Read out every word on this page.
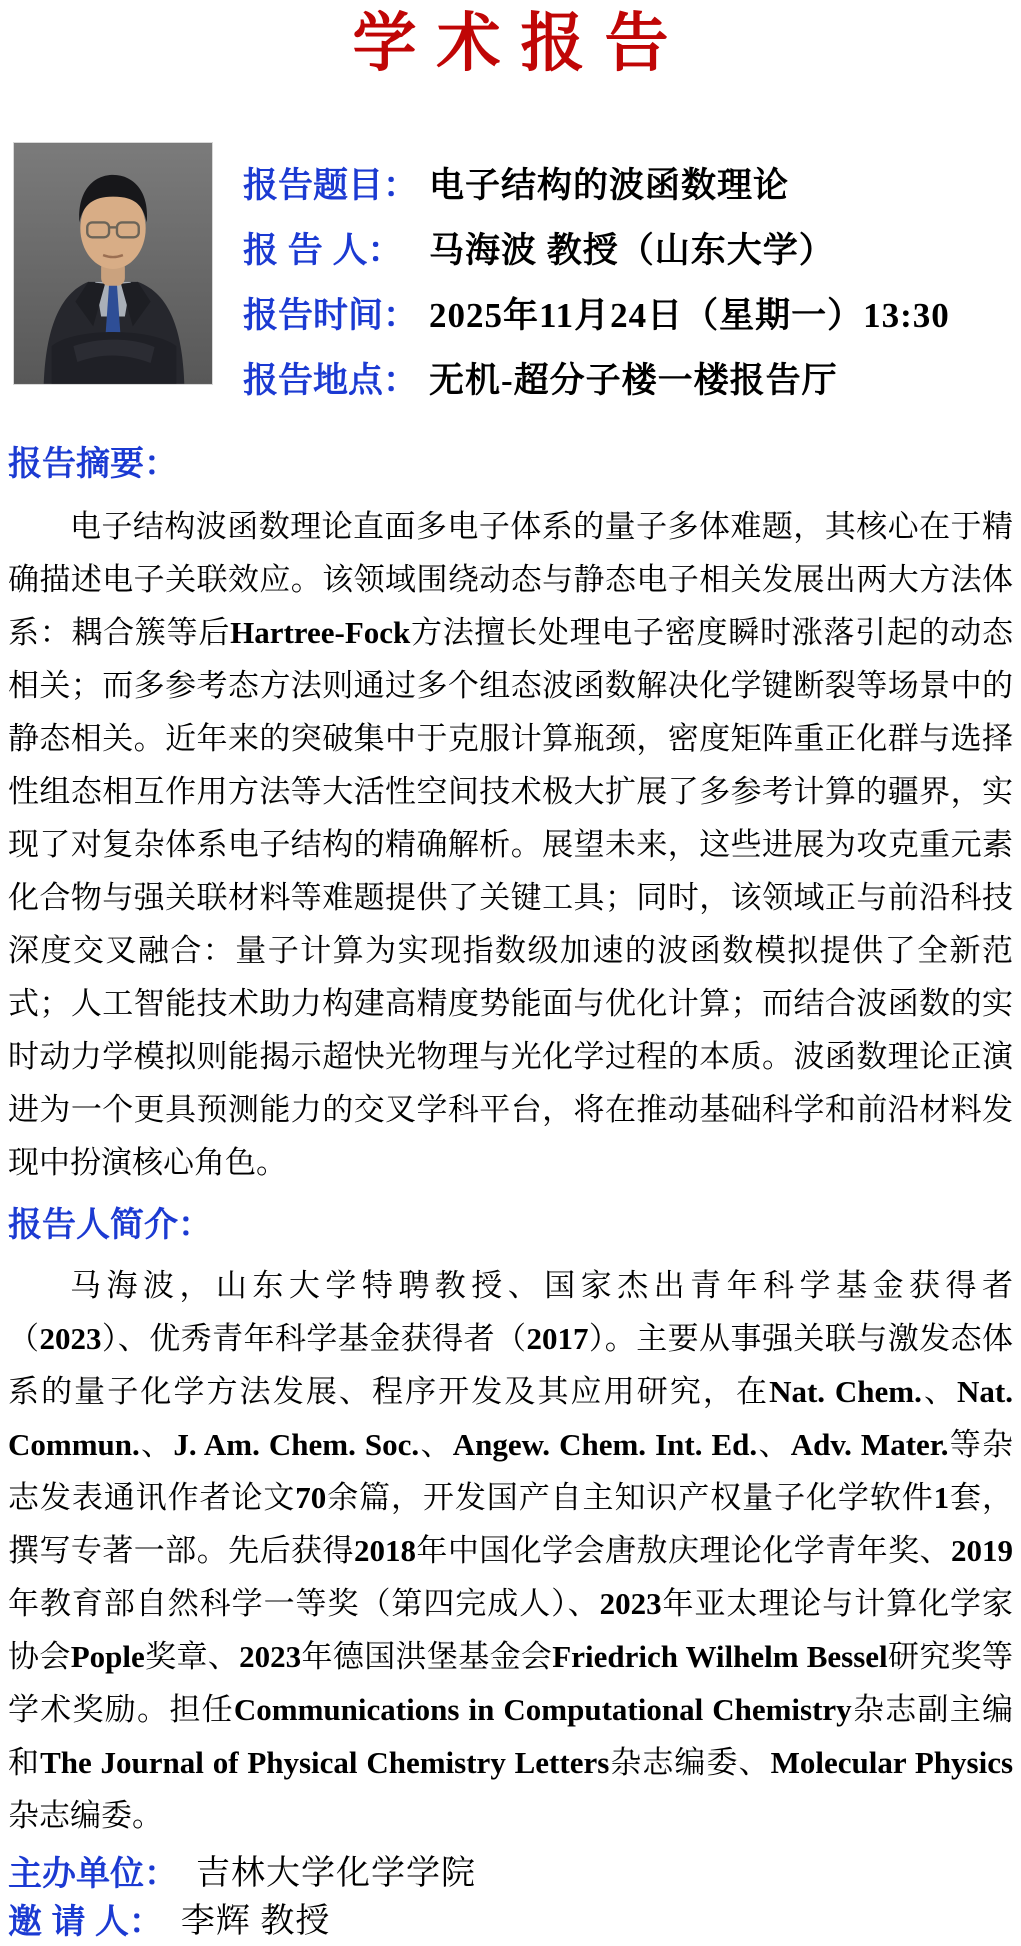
学术报告
报告题目： 电子结构的波函数理论
报 告 人： 马海波 教授（山东大学）
报告时间： 2025年11月24日（星期一）13:30
报告地点： 无机-超分子楼一楼报告厅
报告摘要：
电子结构波函数理论直面多电子体系的量子多体难题，其核心在于精确描述电子关联效应。该领域围绕动态与静态电子相关发展出两大方法体系：耦合簇等后Hartree-Fock方法擅长处理电子密度瞬时涨落引起的动态相关；而多参考态方法则通过多个组态波函数解决化学键断裂等场景中的静态相关。近年来的突破集中于克服计算瓶颈，密度矩阵重正化群与选择性组态相互作用方法等大活性空间技术极大扩展了多参考计算的疆界，实现了对复杂体系电子结构的精确解析。展望未来，这些进展为攻克重元素化合物与强关联材料等难题提供了关键工具；同时，该领域正与前沿科技深度交叉融合：量子计算为实现指数级加速的波函数模拟提供了全新范式；人工智能技术助力构建高精度势能面与优化计算；而结合波函数的实时动力学模拟则能揭示超快光物理与光化学过程的本质。波函数理论正演进为一个更具预测能力的交叉学科平台，将在推动基础科学和前沿材料发现中扮演核心角色。
报告人简介：
马海波，山东大学特聘教授、国家杰出青年科学基金获得者（2023）、优秀青年科学基金获得者（2017）。主要从事强关联与激发态体系的量子化学方法发展、程序开发及其应用研究，在Nat. Chem.、Nat. Commun.、J. Am. Chem. Soc.、Angew. Chem. Int. Ed.、Adv. Mater.等杂志发表通讯作者论文70余篇，开发国产自主知识产权量子化学软件1套，撰写专著一部。先后获得2018年中国化学会唐敖庆理论化学青年奖、2019年教育部自然科学一等奖（第四完成人）、2023年亚太理论与计算化学家协会Pople奖章、2023年德国洪堡基金会Friedrich Wilhelm Bessel研究奖等学术奖励。担任Communications in Computational Chemistry杂志副主编和The Journal of Physical Chemistry Letters杂志编委、Molecular Physics杂志编委。
主办单位： 吉林大学化学学院
邀 请 人： 李辉 教授
